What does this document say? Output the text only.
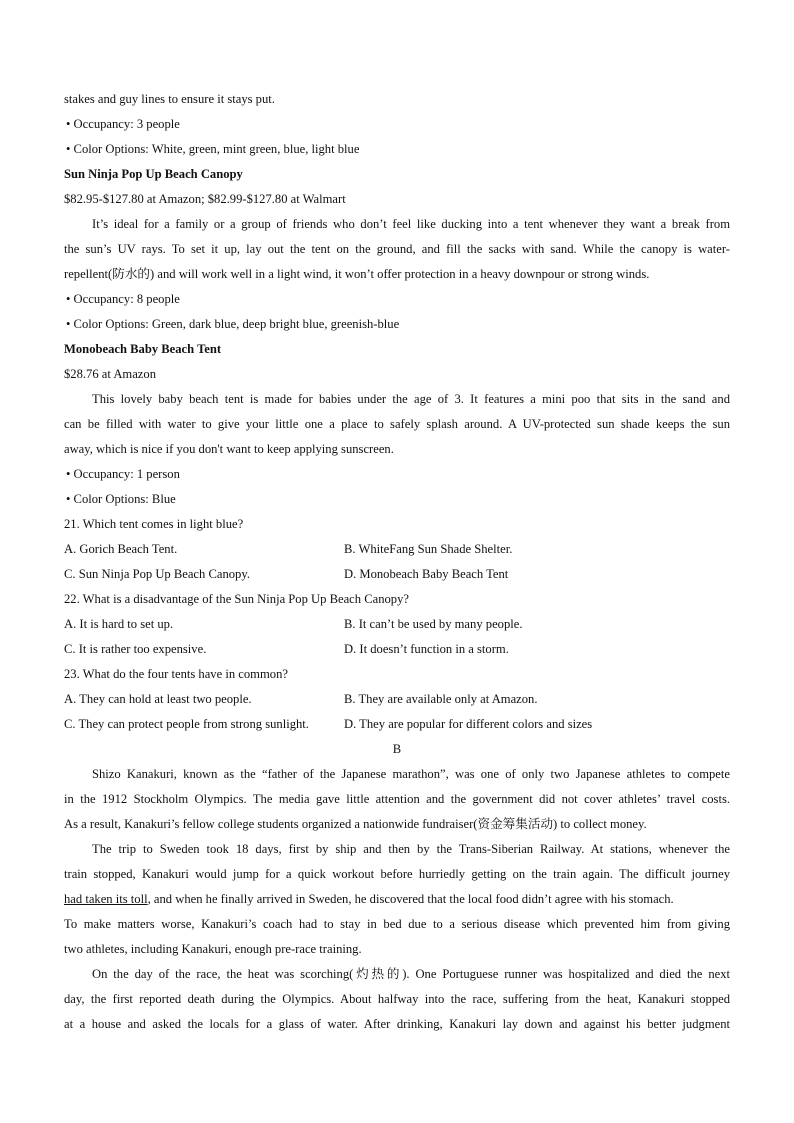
stakes and guy lines to ensure it stays put.
• Occupancy: 3 people
• Color Options: White, green, mint green, blue, light blue
Sun Ninja Pop Up Beach Canopy
$82.95-$127.80 at Amazon; $82.99-$127.80 at Walmart
It’s ideal for a family or a group of friends who don’t feel like ducking into a tent whenever they want a break from
the sun’s UV rays. To set it up, lay out the tent on the ground, and fill the sacks with sand. While the canopy is water-
repellent(防水的) and will work well in a light wind, it won’t offer protection in a heavy downpour or strong winds.
• Occupancy: 8 people
• Color Options: Green, dark blue, deep bright blue, greenish-blue
Monobeach Baby Beach Tent
$28.76 at Amazon
This lovely baby beach tent is made for babies under the age of 3. It features a mini poo that sits in the sand and
can be filled with water to give your little one a place to safely splash around. A UV-protected sun shade keeps the sun
away, which is nice if you don't want to keep applying sunscreen.
• Occupancy: 1 person
• Color Options: Blue
21. Which tent comes in light blue?
A. Gorich Beach Tent.	B. WhiteFang Sun Shade Shelter.
C. Sun Ninja Pop Up Beach Canopy.	D. Monobeach Baby Beach Tent
22. What is a disadvantage of the Sun Ninja Pop Up Beach Canopy?
A. It is hard to set up.	B. It can’t be used by many people.
C. It is rather too expensive.	D. It doesn’t function in a storm.
23. What do the four tents have in common?
A. They can hold at least two people.	B. They are available only at Amazon.
C. They can protect people from strong sunlight.	D. They are popular for different colors and sizes
B
Shizo Kanakuri, known as the “father of the Japanese marathon”, was one of only two Japanese athletes to compete
in the 1912 Stockholm Olympics. The media gave little attention and the government did not cover athletes’ travel costs.
As a result, Kanakuri’s fellow college students organized a nationwide fundraiser(资金筹集活动) to collect money.
The trip to Sweden took 18 days, first by ship and then by the Trans-Siberian Railway. At stations, whenever the
train stopped, Kanakuri would jump for a quick workout before hurriedly getting on the train again. The difficult journey
had taken its toll, and when he finally arrived in Sweden, he discovered that the local food didn’t agree with his stomach.
To make matters worse, Kanakuri’s coach had to stay in bed due to a serious disease which prevented him from giving
two athletes, including Kanakuri, enough pre-race training.
On the day of the race, the heat was scorching(灼热的). One Portuguese runner was hospitalized and died the next
day, the first reported death during the Olympics. About halfway into the race, suffering from the heat, Kanakuri stopped
at a house and asked the locals for a glass of water. After drinking, Kanakuri lay down and against his better judgment
